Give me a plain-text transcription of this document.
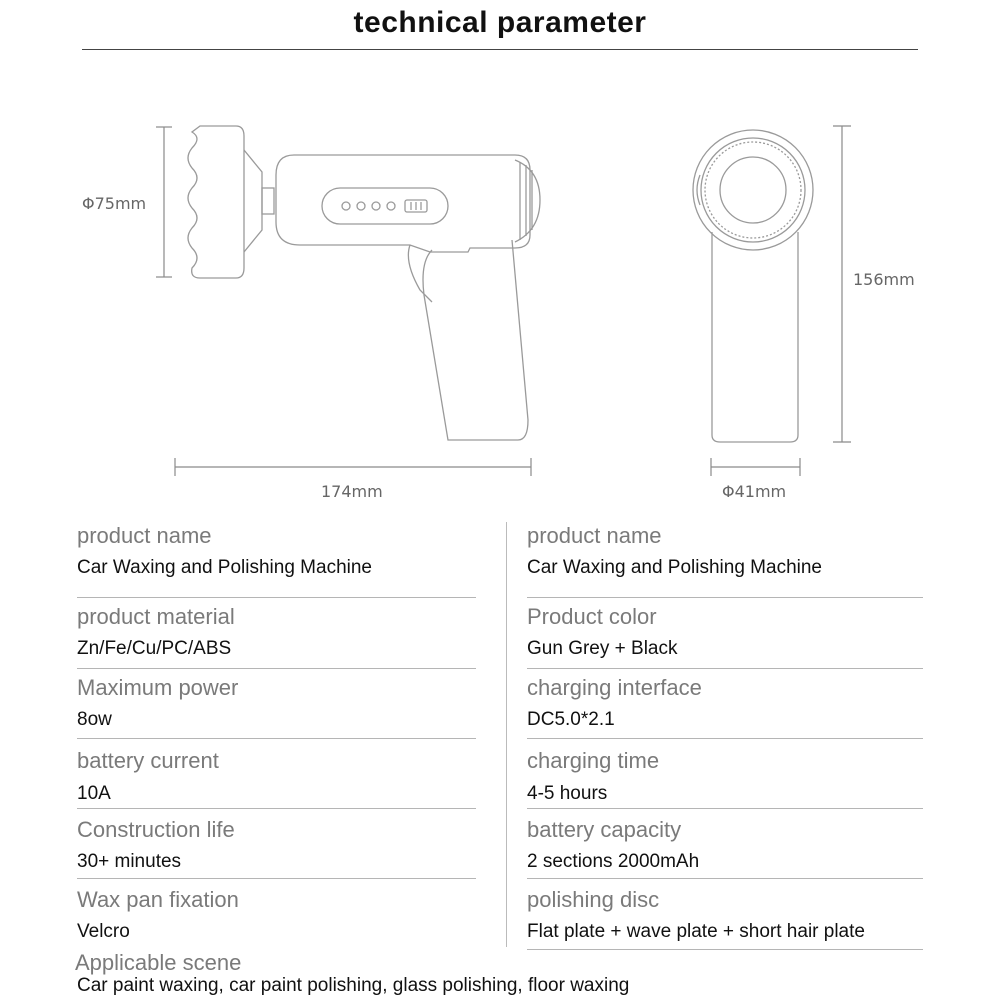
technical parameter
Φ75mm
174mm
156mm
Φ41mm
product name
Car Waxing and Polishing Machine
product material
Zn/Fe/Cu/PC/ABS
Maximum power
8ow
battery current
10A
Construction life
30+ minutes
Wax pan fixation
Velcro
product name
Car Waxing and Polishing Machine
Product color
Gun Grey + Black
charging interface
DC5.0*2.1
charging time
4-5 hours
battery capacity
2 sections 2000mAh
polishing disc
Flat plate + wave plate + short hair plate
Applicable scene
Car paint waxing, car paint polishing, glass polishing, floor waxing
